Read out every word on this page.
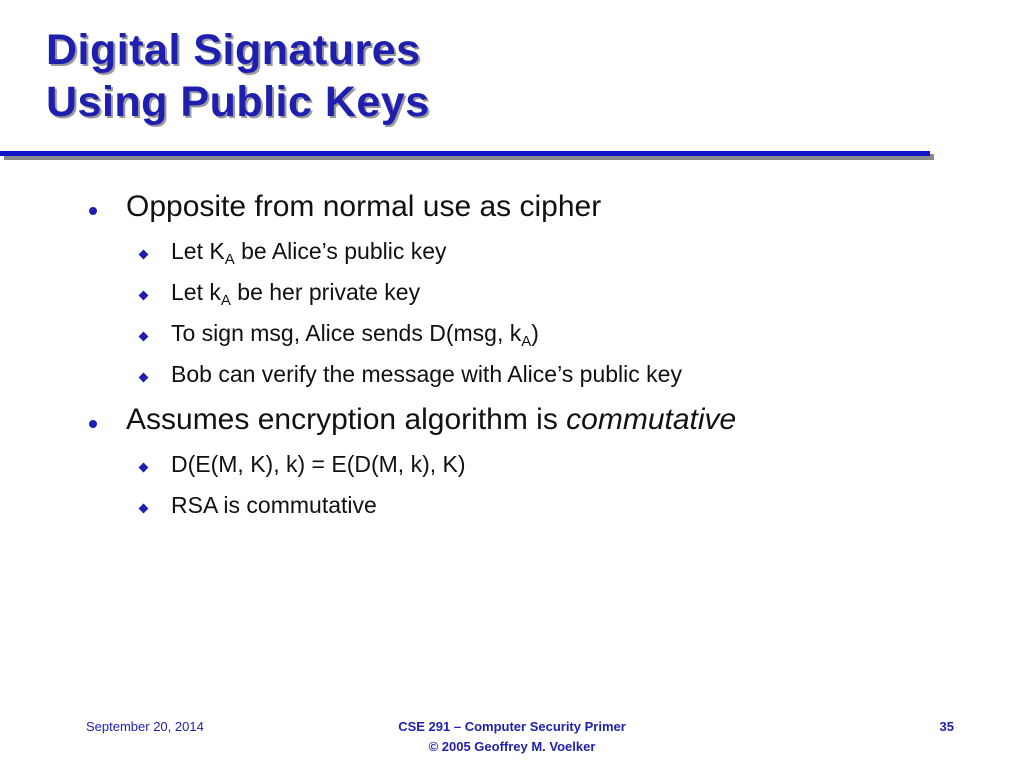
Digital Signatures
Using Public Keys
Opposite from normal use as cipher
Let $K_A$ be Alice’s public key
Let $k_A$ be her private key
To sign msg, Alice sends D(msg, $k_A$)
Bob can verify the message with Alice’s public key
Assumes encryption algorithm is commutative
D(E(M, K), k) = E(D(M, k), K)
RSA is commutative
September 20, 2014	CSE 291 – Computer Security Primer
© 2005 Geoffrey M. Voelker
35
